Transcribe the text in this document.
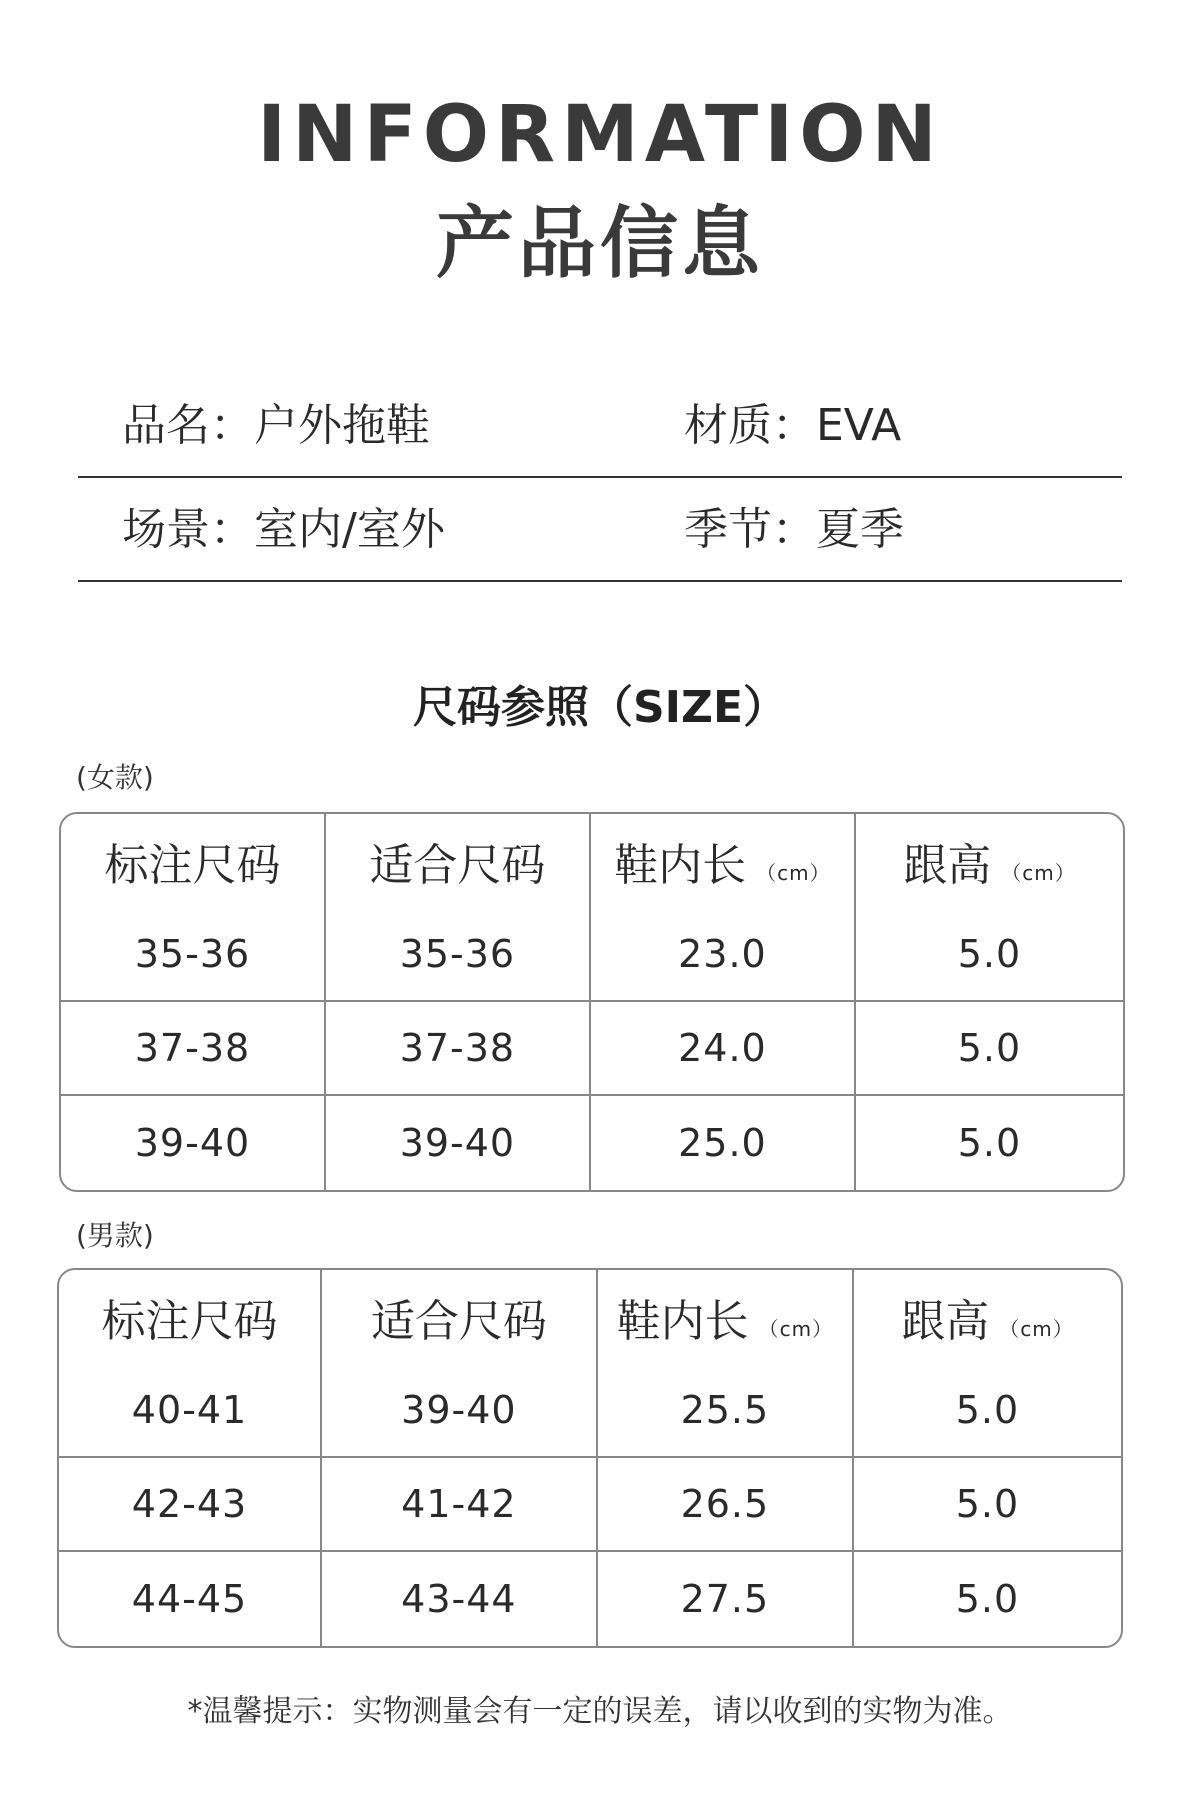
INFORMATION
产品信息
品名：户外拖鞋	材质：EVA
场景：室内/室外	季节：夏季
尺码参照（SIZE）
(女款)
标注尺码	适合尺码	鞋内长 （cm）	跟高 （cm）
35-36	35-36	23.0	5.0
37-38	37-38	24.0	5.0
39-40	39-40	25.0	5.0
(男款)
标注尺码	适合尺码	鞋内长 （cm）	跟高 （cm）
40-41	39-40	25.5	5.0
42-43	41-42	26.5	5.0
44-45	43-44	27.5	5.0
*温馨提示：实物测量会有一定的误差，请以收到的实物为准。
